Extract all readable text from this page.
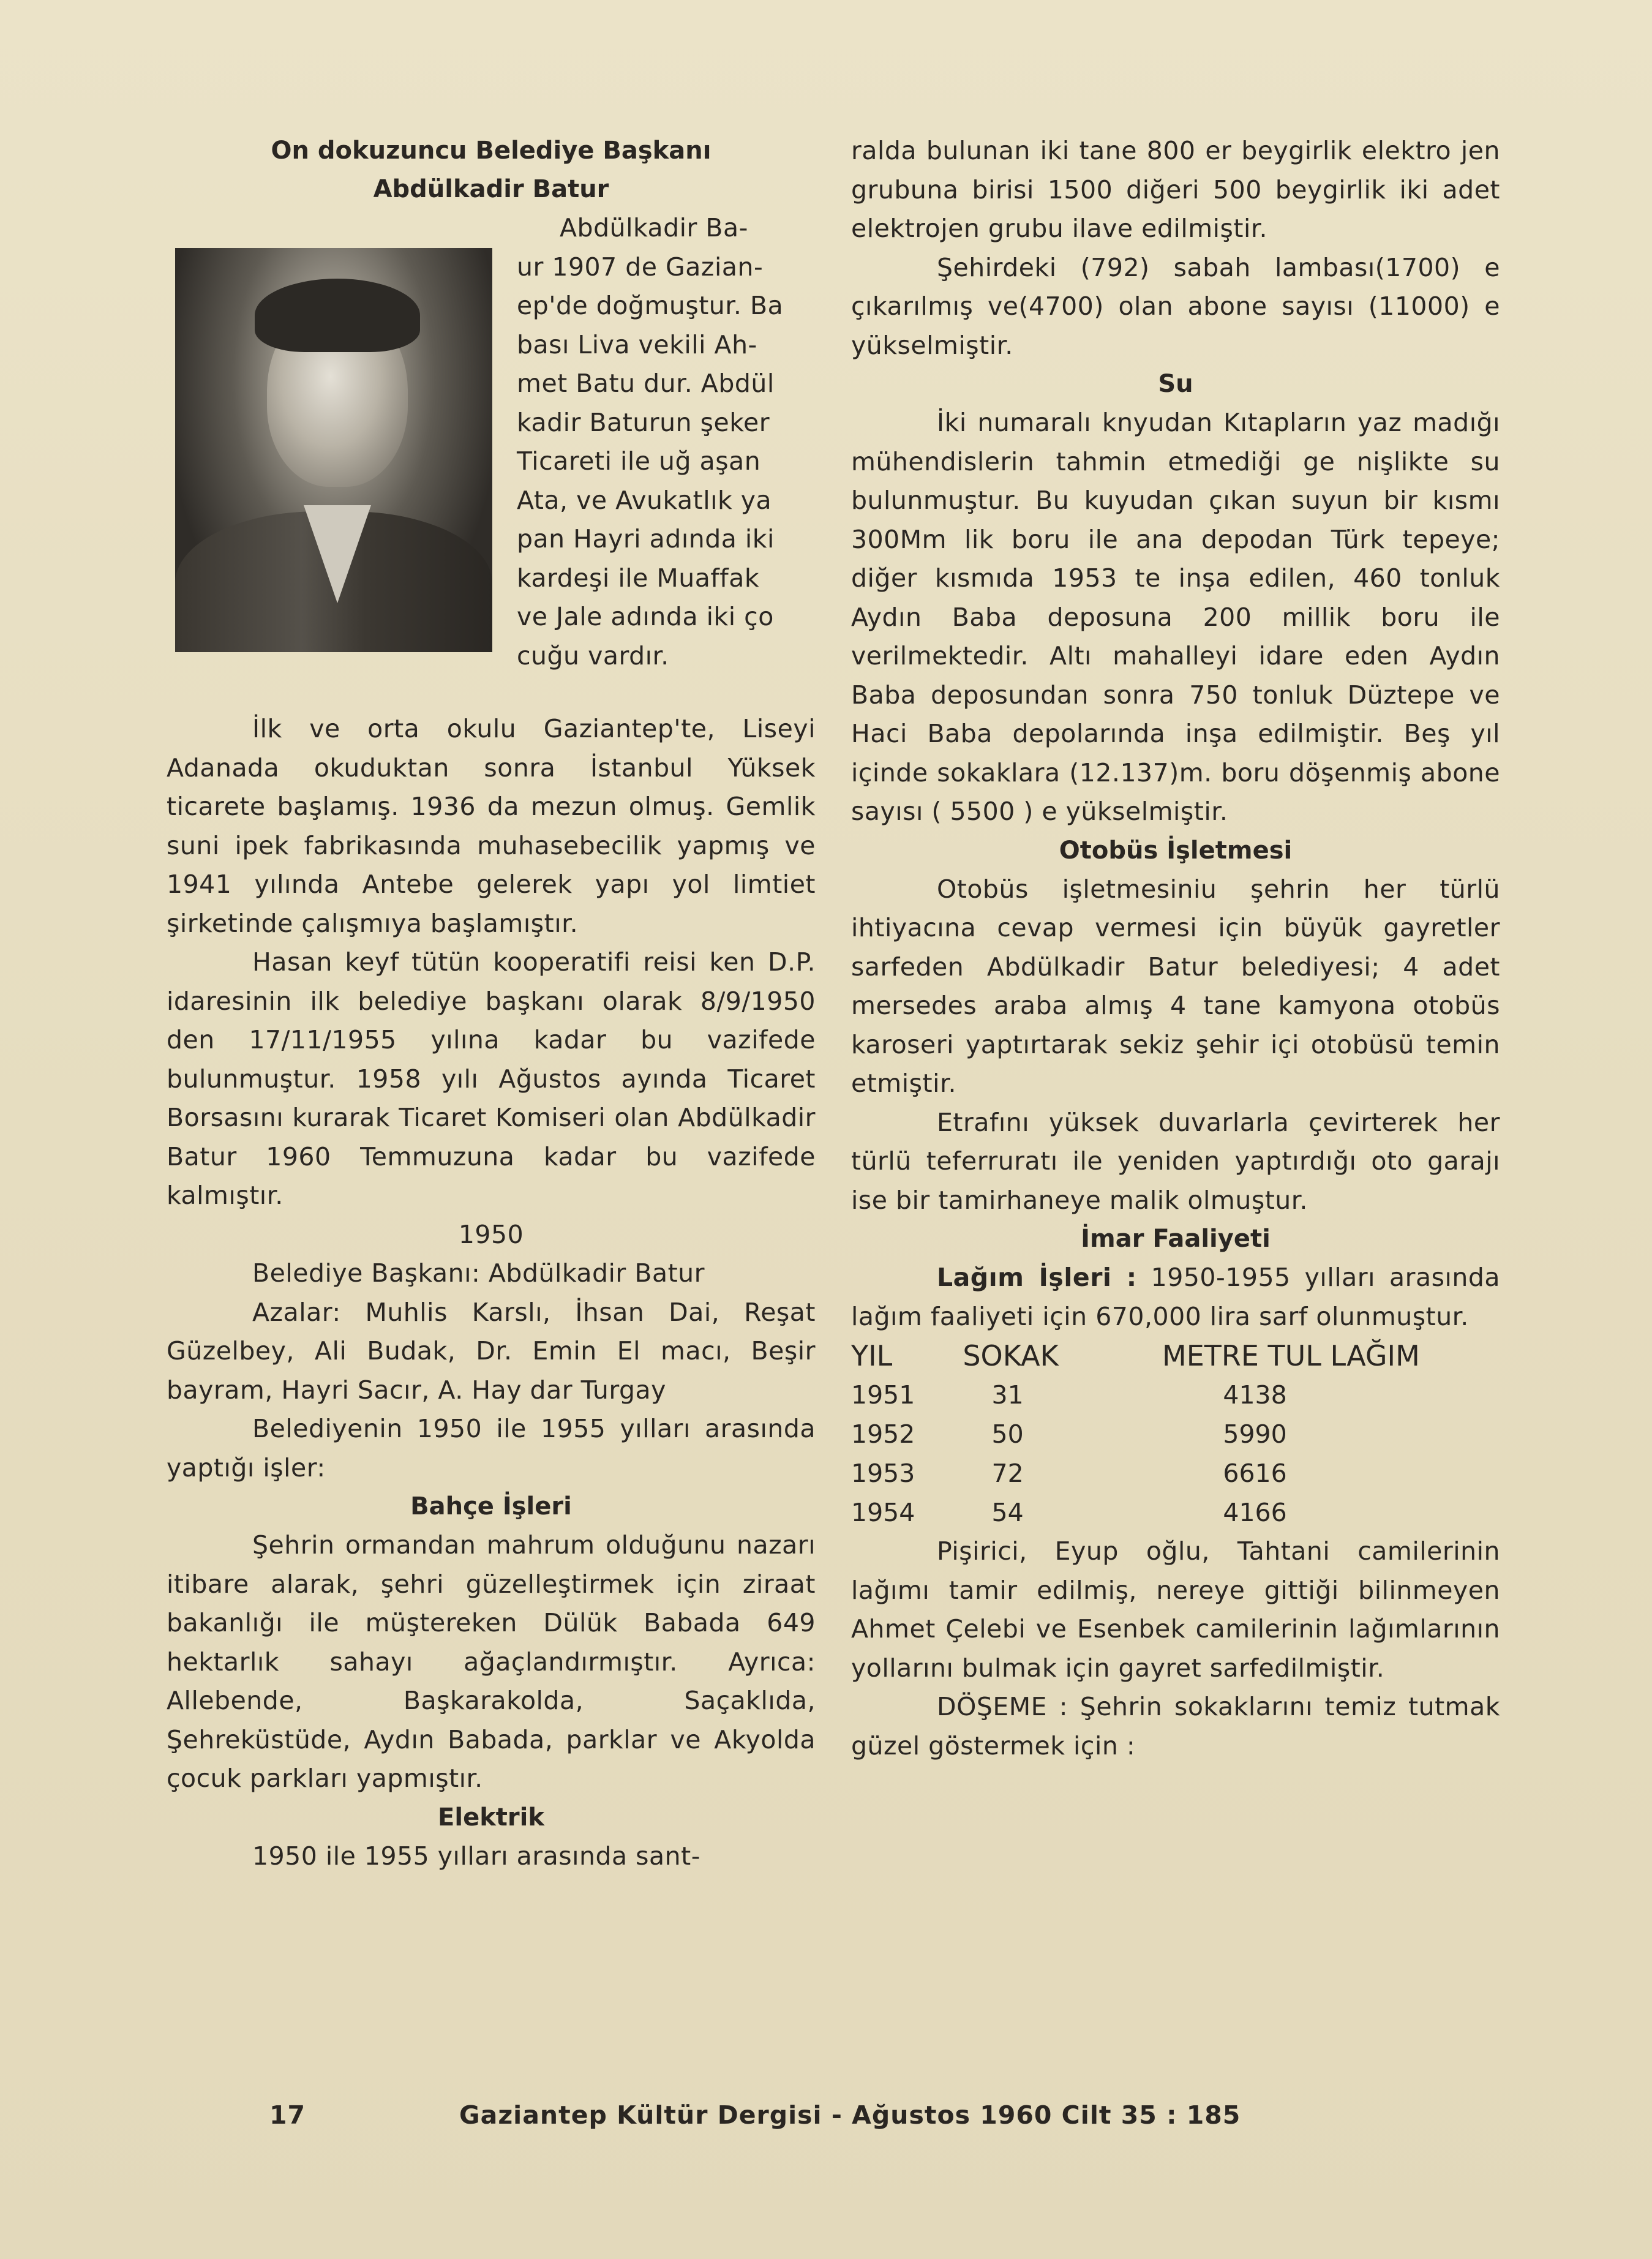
On dokuzuncu Belediye Başkanı
Abdülkadir Batur
Abdülkadir Ba-
ur 1907 de Gazian-
ep'de doğmuştur. Ba
bası Liva vekili Ah-
met Batu dur. Abdül
kadir Baturun şeker
Ticareti ile uğ aşan
Ata, ve Avukatlık ya
pan Hayri adında iki
kardeşi ile Muaffak
ve Jale adında iki ço
cuğu vardır.

İlk ve orta okulu Gaziantep'te, Liseyi Adanada okuduktan sonra İstanbul Yüksek ticarete başlamış. 1936 da mezun olmuş. Gemlik suni ipek fabrikasında muhasebecilik yapmış ve 1941 yılında Antebe gelerek yapı yol limtiet şirketinde çalışmıya başlamıştır.

Hasan keyf tütün kooperatifi reisi ken D.P. idaresinin ilk belediye başkanı olarak 8/9/1950 den 17/11/1955 yılına kadar bu vazifede bulunmuştur. 1958 yılı Ağustos ayında Ticaret Borsasını kurarak Ticaret Komiseri olan Abdülkadir Batur 1960 Temmuzuna kadar bu vazifede kalmıştır.

1950

Belediye Başkanı: Abdülkadir Batur

Azalar: Muhlis Karslı, İhsan Dai, Reşat Güzelbey, Ali Budak, Dr. Emin El macı, Beşir bayram, Hayri Sacır, A. Hay dar Turgay

Belediyenin 1950 ile 1955 yılları arasında yaptığı işler:

Bahçe İşleri

Şehrin ormandan mahrum olduğunu nazarı itibare alarak, şehri güzelleştirmek için ziraat bakanlığı ile müştereken Dülük Babada 649 hektarlık sahayı ağaçlandırmıştır. Ayrıca: Allebende, Başkarakolda, Saçaklıda, Şehreküstüde, Aydın Babada, parklar ve Akyolda çocuk parkları yapmıştır.

Elektrik

1950 ile 1955 yılları arasında sant-

ralda bulunan iki tane 800 er beygirlik elektro jen grubuna birisi 1500 diğeri 500 beygirlik iki adet elektrojen grubu ilave edilmiştir.

Şehirdeki (792) sabah lambası(1700) e çıkarılmış ve(4700) olan abone sayısı (11000) e yükselmiştir.

Su

İki numaralı knyudan Kıtapların yaz madığı mühendislerin tahmin etmediği ge nişlikte su bulunmuştur. Bu kuyudan çıkan suyun bir kısmı 300Mm lik boru ile ana depodan Türk tepeye; diğer kısmıda 1953 te inşa edilen, 460 tonluk Aydın Baba deposuna 200 millik boru ile verilmektedir. Altı mahalleyi idare eden Aydın Baba deposundan sonra 750 tonluk Düztepe ve Haci Baba depolarında inşa edilmiştir. Beş yıl içinde sokaklara (12.137)m. boru döşenmiş abone sayısı ( 5500 ) e yükselmiştir.

Otobüs İşletmesi

Otobüs işletmesiniu şehrin her türlü ihtiyacına cevap vermesi için büyük gayretler sarfeden Abdülkadir Batur belediyesi; 4 adet mersedes araba almış 4 tane kamyona otobüs karoseri yaptırtarak sekiz şehir içi otobüsü temin etmiştir.

Etrafını yüksek duvarlarla çevirterek her türlü teferruratı ile yeniden yaptırdığı oto garajı ise bir tamirhaneye malik olmuştur.

İmar Faaliyeti

Lağım İşleri : 1950-1955 yılları arasında lağım faaliyeti için 670,000 lira sarf olunmuştur.

YIL	SOKAK	METRE TUL LAĞIM
1951	31	4138
1952	50	5990
1953	72	6616
1954	54	4166

Pişirici, Eyup oğlu, Tahtani camilerinin lağımı tamir edilmiş, nereye gittiği bilinmeyen Ahmet Çelebi ve Esenbek camilerinin lağımlarının yollarını bulmak için gayret sarfedilmiştir.

DÖŞEME : Şehrin sokaklarını temiz tutmak güzel göstermek için :

17	Gaziantep Kültür Dergisi - Ağustos 1960 Cilt 35 : 185
